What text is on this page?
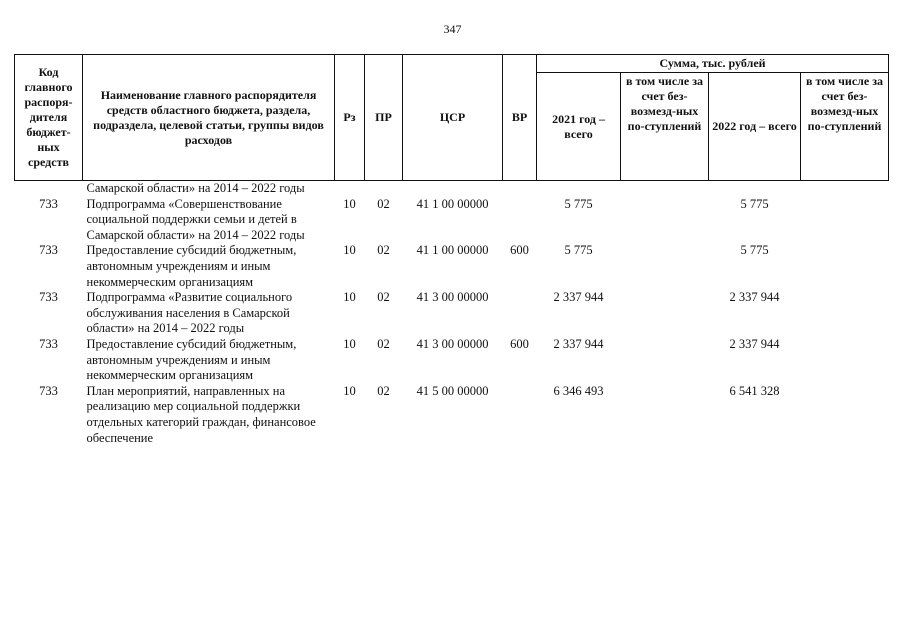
347
Код главного распоря-дителя бюджет-ных средств	Наименование главного распорядителя средств областного бюджета, раздела, подраздела, целевой статьи, группы видов расходов	Рз	ПР	ЦСР	ВР	Сумма, тыс. рублей			
						2021 год – всего	в том числе за счет без-возмезд-ных по-ступлений	2022 год – всего	в том числе за счет без-возмезд-ных по-ступлений
	Самарской области» на 2014 – 2022 годы								
733	Подпрограмма «Совершенствование социальной поддержки семьи и детей в Самарской области» на 2014 – 2022 годы	10	02	41 1 00 00000		5 775		5 775	
733	Предоставление субсидий бюджетным, автономным учреждениям и иным некоммерческим организациям	10	02	41 1 00 00000	600	5 775		5 775	
733	Подпрограмма «Развитие социального обслуживания населения в Самарской области» на 2014 – 2022 годы	10	02	41 3 00 00000		2 337 944		2 337 944	
733	Предоставление субсидий бюджетным, автономным учреждениям и иным некоммерческим организациям	10	02	41 3 00 00000	600	2 337 944		2 337 944	
733	План мероприятий, направленных на реализацию мер социальной поддержки отдельных категорий граждан, финансовое обеспечение	10	02	41 5 00 00000		6 346 493		6 541 328	
